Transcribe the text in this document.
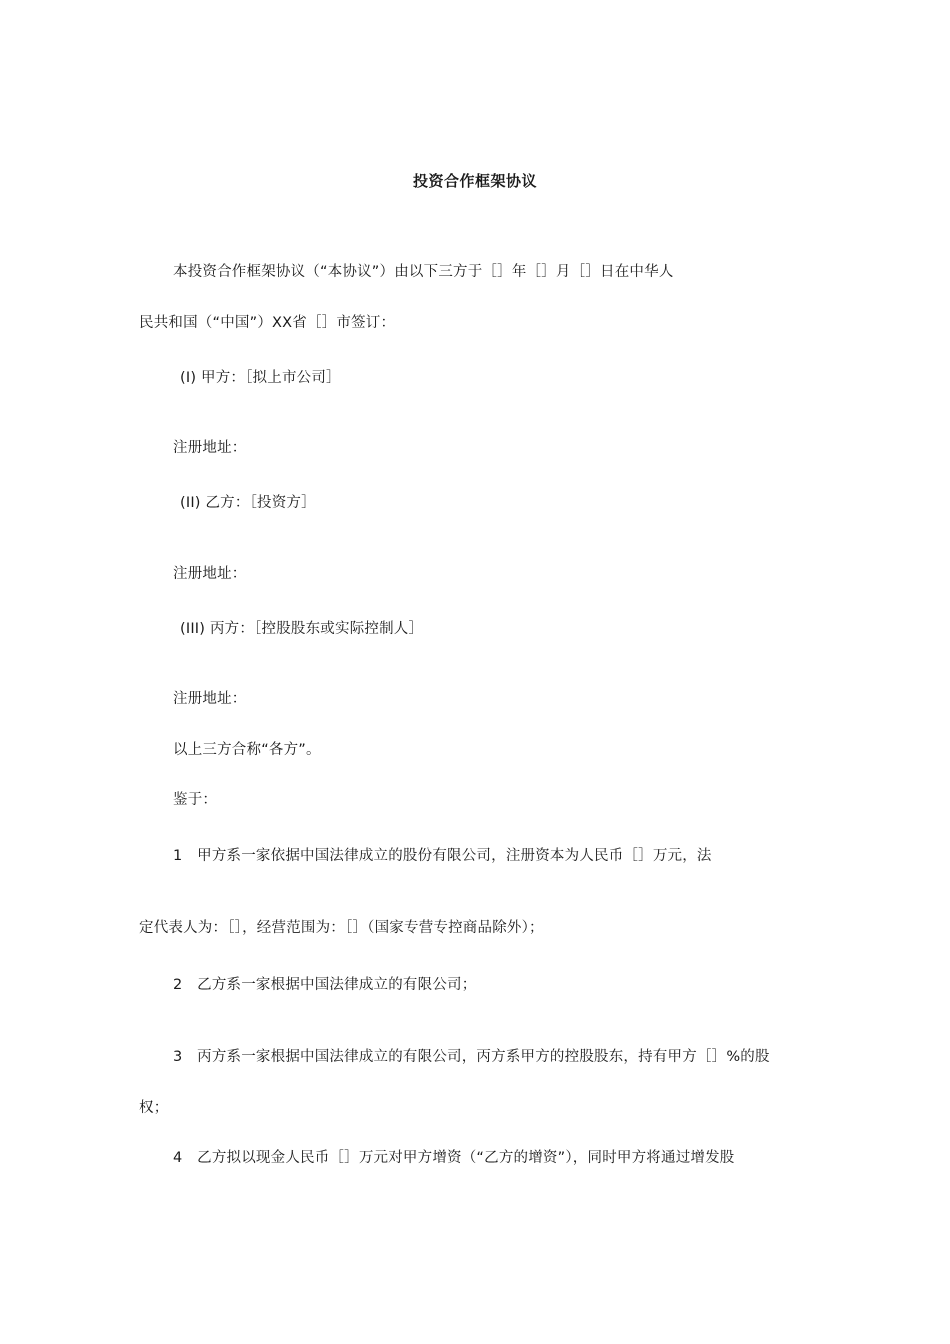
投资合作框架协议

本投资合作框架协议（“本协议”）由以下三方于［］年［］月［］日在中华人

民共和国（“中国”）XX省［］市签订：

(I) 甲方：［拟上市公司］

注册地址：

(II) 乙方：［投资方］

注册地址：

(III) 丙方：［控股股东或实际控制人］

注册地址：

以上三方合称“各方”。

鉴于：

1　甲方系一家依据中国法律成立的股份有限公司，注册资本为人民币［］万元，法

定代表人为：［］，经营范围为：［］（国家专营专控商品除外）；

2　乙方系一家根据中国法律成立的有限公司；

3　丙方系一家根据中国法律成立的有限公司，丙方系甲方的控股股东，持有甲方［］%的股

权；

4　乙方拟以现金人民币［］万元对甲方增资（“乙方的增资”），同时甲方将通过增发股
